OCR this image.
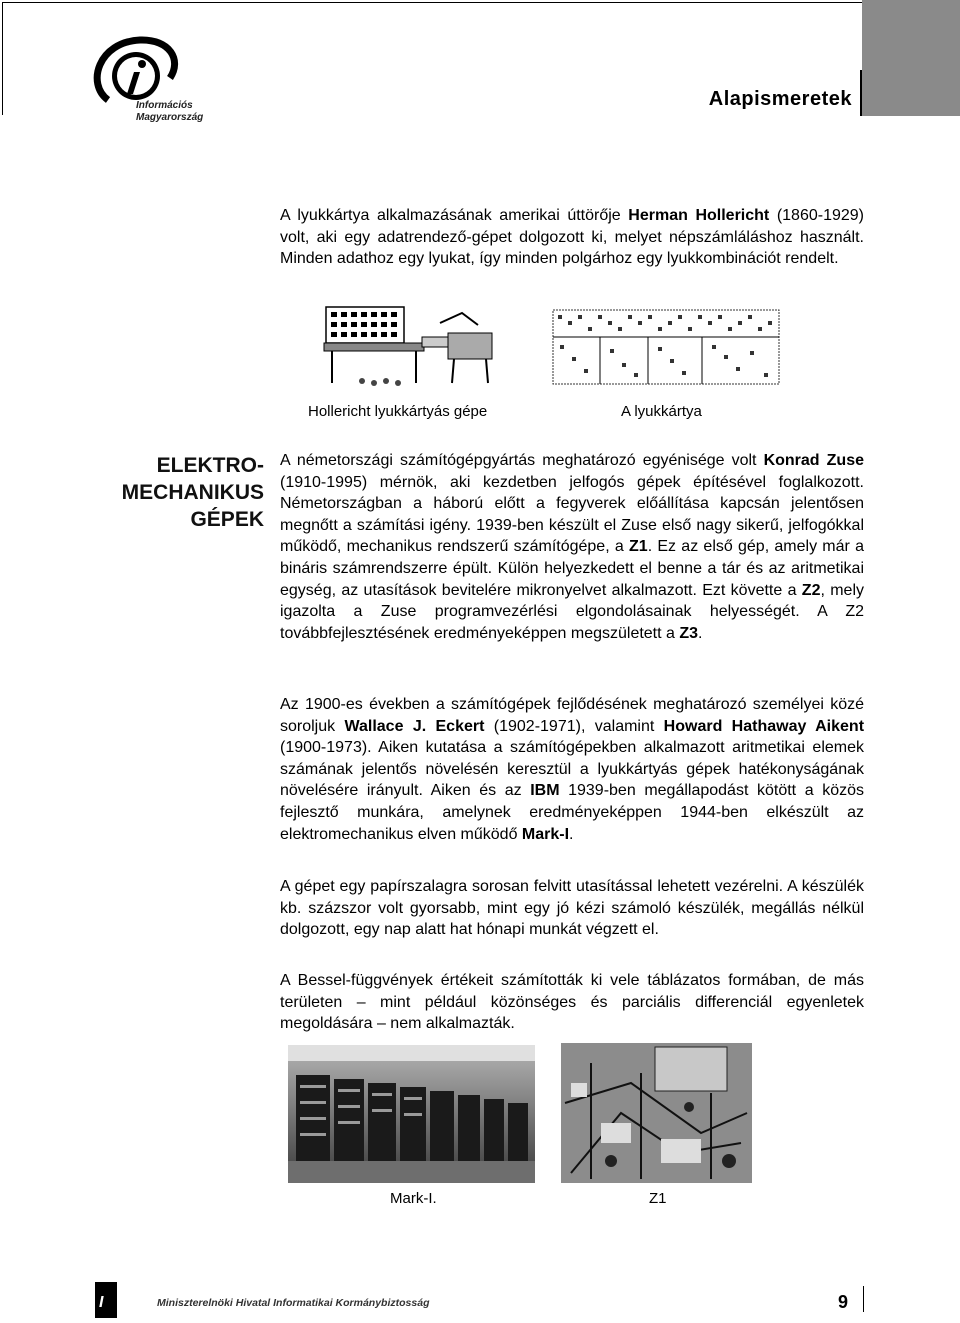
Alapismeretek
Információs
Magyarország
A lyukkártya alkalmazásának amerikai úttörője Herman Hollericht (1860-1929) volt, aki egy adatrendező-gépet dolgozott ki, melyet népszámláláshoz használt. Minden adathoz egy lyukat, így minden polgárhoz egy lyukkombinációt rendelt.
Hollericht lyukkártyás gépe	A lyukkártya
ELEKTRO-
MECHANIKUS
GÉPEK
A németországi számítógépgyártás meghatározó egyénisége volt Konrad Zuse (1910-1995) mérnök, aki kezdetben jelfogós gépek építésével foglalkozott. Németországban a háború előtt a fegyverek előállítása kapcsán jelentősen megnőtt a számítási igény. 1939-ben készült el Zuse első nagy sikerű, jelfogókkal működő, mechanikus rendszerű számítógépe, a Z1. Ez az első gép, amely már a bináris számrendszerre épült. Külön helyezkedett el benne a tár és az aritmetikai egység, az utasítások bevitelére mikronyelvet alkalmazott. Ezt követte a Z2, mely igazolta a Zuse programvezérlési elgondolásainak helyességét. A Z2 továbbfejlesztésének eredményeképpen megszületett a Z3.
Az 1900-es években a számítógépek fejlődésének meghatározó személyei közé soroljuk Wallace J. Eckert (1902-1971), valamint Howard Hathaway Aikent (1900-1973). Aiken kutatása a számítógépekben alkalmazott aritmetikai elemek számának jelentős növelésén keresztül a lyukkártyás gépek hatékonyságának növelésére irányult. Aiken és az IBM 1939-ben megállapodást kötött a közös fejlesztő munkára, amelynek eredményeképpen 1944-ben elkészült az elektromechanikus elven működő Mark-I.
A gépet egy papírszalagra sorosan felvitt utasítással lehetett vezérelni. A készülék kb. százszor volt gyorsabb, mint egy jó kézi számoló készülék, megállás nélkül dolgozott, egy nap alatt hat hónapi munkát végzett el.
A Bessel-függvények értékeit számították ki vele táblázatos formában, de más területen – mint például közönséges és parciális differenciál egyenletek megoldására – nem alkalmazták.
Mark-I.	Z1
I	Miniszterelnöki Hivatal Informatikai Kormánybiztosság	9
